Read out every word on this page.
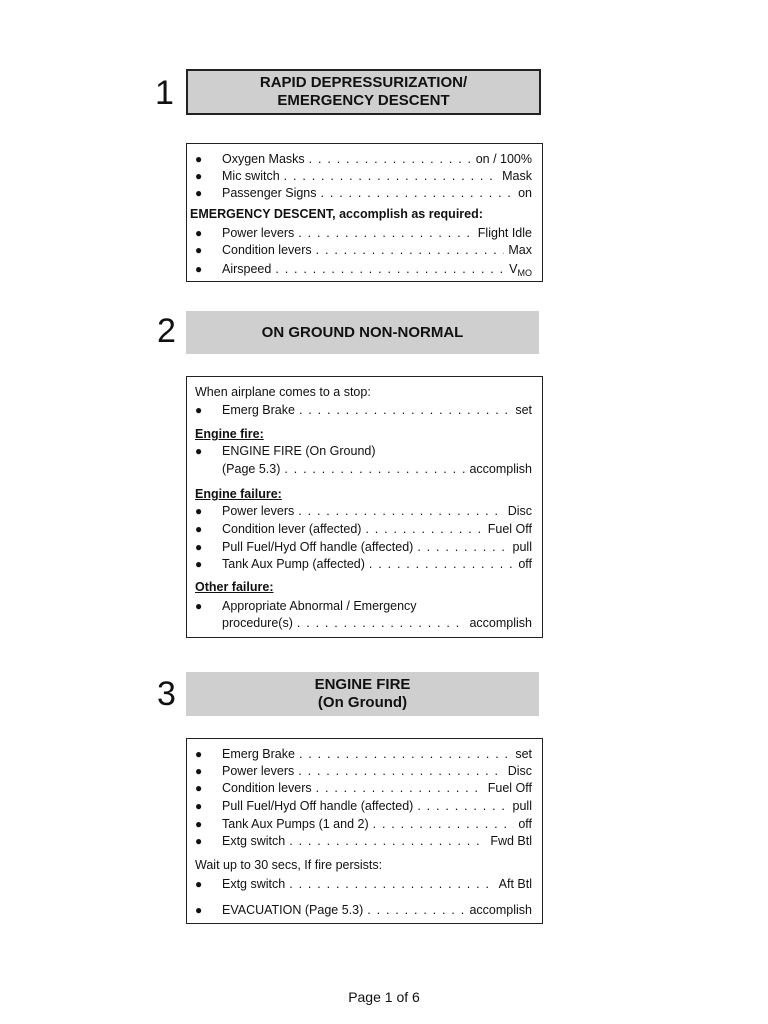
1	RAPID DEPRESSURIZATION/
EMERGENCY DESCENT
● Oxygen Masks . . .	on / 100%
● Mic switch . . .	Mask
● Passenger Signs . . .	on
EMERGENCY DESCENT, accomplish as required:
● Power levers . . .	Flight Idle
● Condition levers . . .	Max
● Airspeed . . .	$V_{MO}$
2	ON GROUND NON-NORMAL
When airplane comes to a stop:
● Emerg Brake . . .	set
Engine fire:
● ENGINE FIRE (On Ground)
(Page 5.3) . . .	accomplish
Engine failure:
● Power levers . . .	Disc
● Condition lever (affected) . . .	Fuel Off
● Pull Fuel/Hyd Off handle (affected) . . .	pull
● Tank Aux Pump (affected) . . .	off
Other failure:
● Appropriate Abnormal / Emergency
procedure(s) . . .	accomplish
3	ENGINE FIRE
(On Ground)
● Emerg Brake . . .	set
● Power levers . . .	Disc
● Condition levers . . .	Fuel Off
● Pull Fuel/Hyd Off handle (affected) . . .	pull
● Tank Aux Pumps (1 and 2) . . .	off
● Extg switch . . .	Fwd Btl
Wait up to 30 secs, If fire persists:
● Extg switch . . .	Aft Btl
● EVACUATION (Page 5.3) . . .	accomplish
Page 1 of 6
